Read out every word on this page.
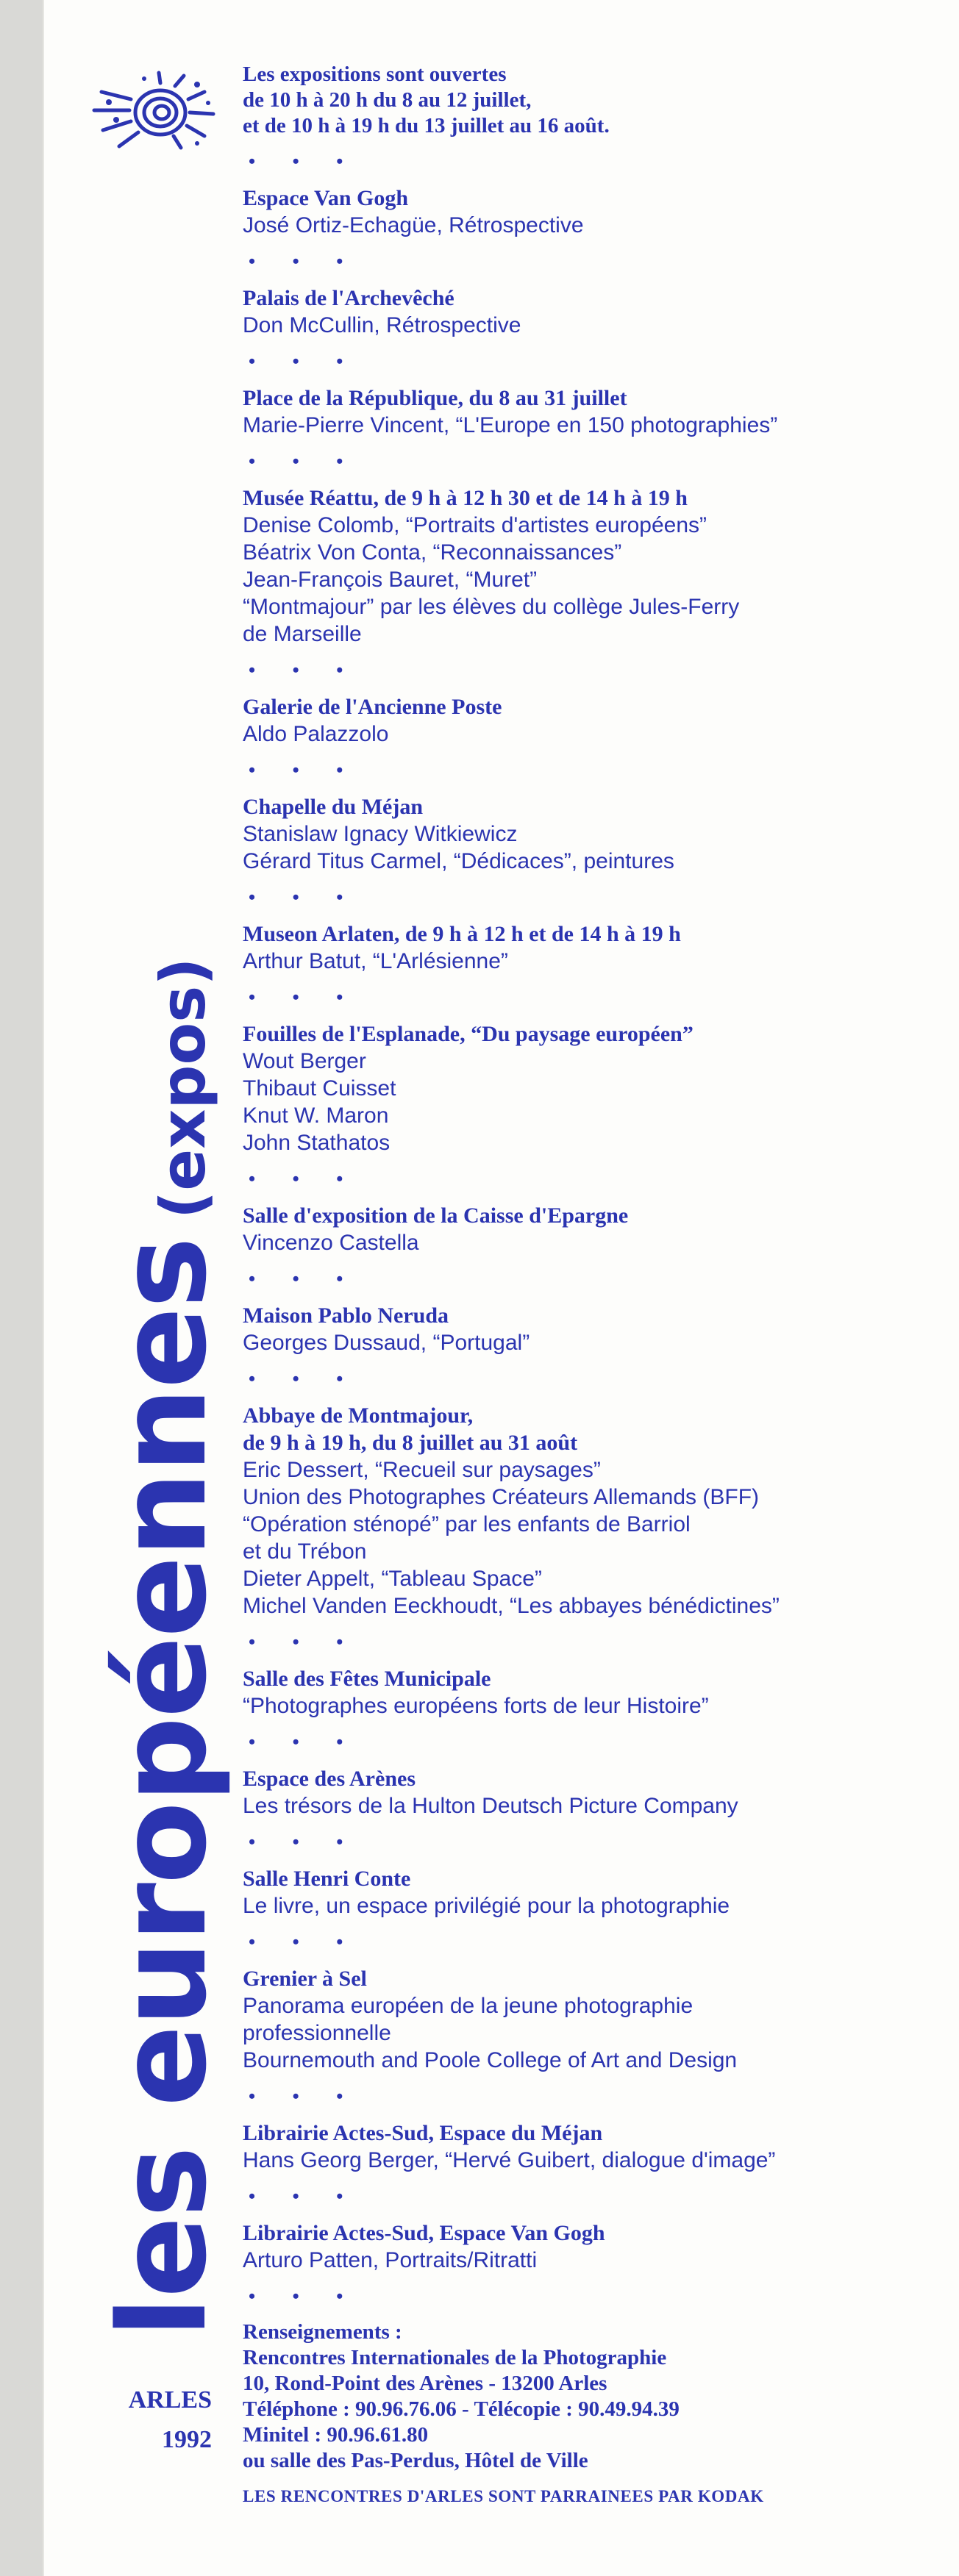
les européennes(expos)
ARLES
1992

Les expositions sont ouvertes
de 10 h à 20 h du 8 au 12 juillet,
et de 10 h à 19 h du 13 juillet au 16 août.

• • •
Espace Van Gogh
José Ortiz-Echagüe, Rétrospective
• • •
Palais de l'Archevêché
Don McCullin, Rétrospective
• • •
Place de la République, du 8 au 31 juillet
Marie-Pierre Vincent, “L'Europe en 150 photographies”
• • •
Musée Réattu, de 9 h à 12 h 30 et de 14 h à 19 h
Denise Colomb, “Portraits d'artistes européens”
Béatrix Von Conta, “Reconnaissances”
Jean-François Bauret, “Muret”
“Montmajour” par les élèves du collège Jules-Ferry
de Marseille
• • •
Galerie de l'Ancienne Poste
Aldo Palazzolo
• • •
Chapelle du Méjan
Stanislaw Ignacy Witkiewicz
Gérard Titus Carmel, “Dédicaces”, peintures
• • •
Museon Arlaten, de 9 h à 12 h et de 14 h à 19 h
Arthur Batut, “L'Arlésienne”
• • •
Fouilles de l'Esplanade, “Du paysage européen”
Wout Berger
Thibaut Cuisset
Knut W. Maron
John Stathatos
• • •
Salle d'exposition de la Caisse d'Epargne
Vincenzo Castella
• • •
Maison Pablo Neruda
Georges Dussaud, “Portugal”
• • •
Abbaye de Montmajour,
de 9 h à 19 h, du 8 juillet au 31 août
Eric Dessert, “Recueil sur paysages”
Union des Photographes Créateurs Allemands (BFF)
“Opération sténopé” par les enfants de Barriol
et du Trébon
Dieter Appelt, “Tableau Space”
Michel Vanden Eeckhoudt, “Les abbayes bénédictines”
• • •
Salle des Fêtes Municipale
“Photographes européens forts de leur Histoire”
• • •
Espace des Arènes
Les trésors de la Hulton Deutsch Picture Company
• • •
Salle Henri Conte
Le livre, un espace privilégié pour la photographie
• • •
Grenier à Sel
Panorama européen de la jeune photographie
professionnelle
Bournemouth and Poole College of Art and Design
• • •
Librairie Actes-Sud, Espace du Méjan
Hans Georg Berger, “Hervé Guibert, dialogue d'image”
• • •
Librairie Actes-Sud, Espace Van Gogh
Arturo Patten, Portraits/Ritratti
• • •
Renseignements :
Rencontres Internationales de la Photographie
10, Rond-Point des Arènes - 13200 Arles
Téléphone : 90.96.76.06 - Télécopie : 90.49.94.39
Minitel : 90.96.61.80
ou salle des Pas-Perdus, Hôtel de Ville
LES RENCONTRES D'ARLES SONT PARRAINEES PAR KODAK
